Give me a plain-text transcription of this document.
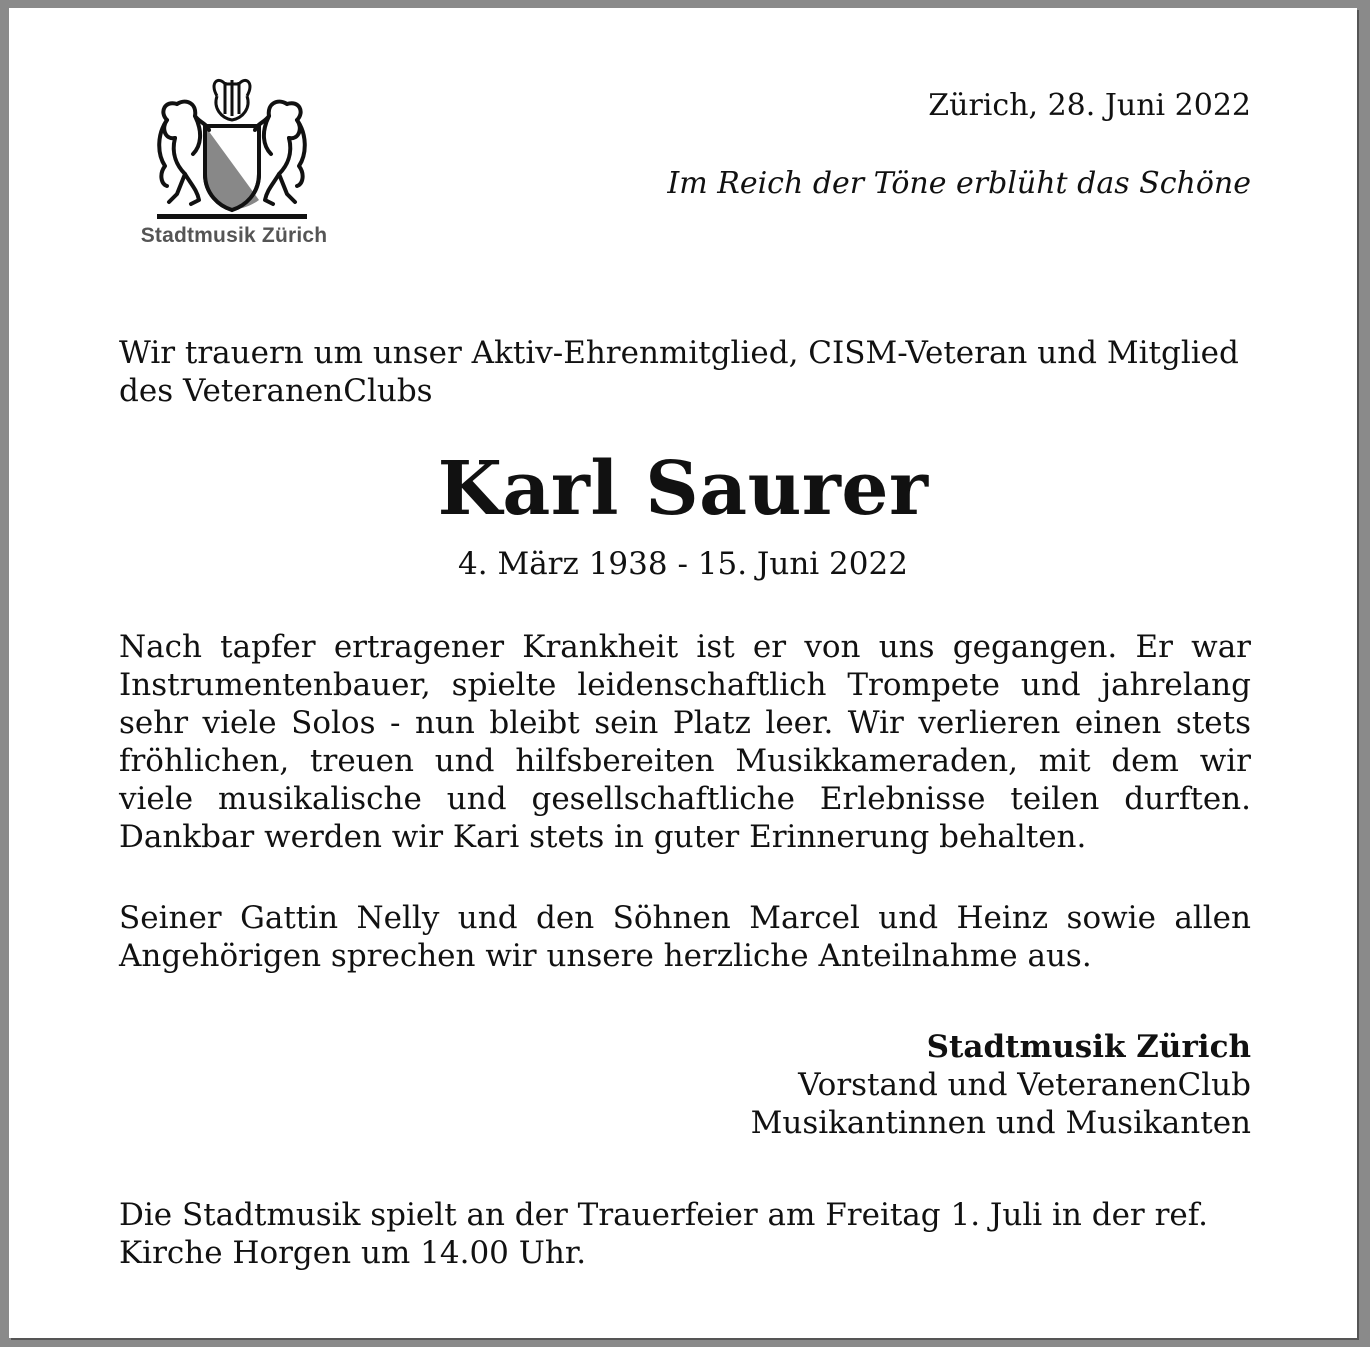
Stadtmusik Zürich
Zürich, 28. Juni 2022
Im Reich der Töne erblüht das Schöne

Wir trauern um unser Aktiv-Ehrenmitglied, CISM-Veteran und Mitglied des VeteranenClubs

Karl Saurer
4. März 1938 - 15. Juni 2022

Nach tapfer ertragener Krankheit ist er von uns gegangen. Er war Instrumentenbauer, spielte leidenschaftlich Trompete und jahrelang sehr viele Solos - nun bleibt sein Platz leer. Wir verlieren einen stets fröhlichen, treuen und hilfsbereiten Musikkameraden, mit dem wir viele musikalische und gesellschaftliche Erlebnisse teilen durften. Dankbar werden wir Kari stets in guter Erinnerung behalten.

Seiner Gattin Nelly und den Söhnen Marcel und Heinz sowie allen Angehörigen sprechen wir unsere herzliche Anteilnahme aus.

Stadtmusik Zürich
Vorstand und VeteranenClub
Musikantinnen und Musikanten

Die Stadtmusik spielt an der Trauerfeier am Freitag 1. Juli in der ref. Kirche Horgen um 14.00 Uhr.
